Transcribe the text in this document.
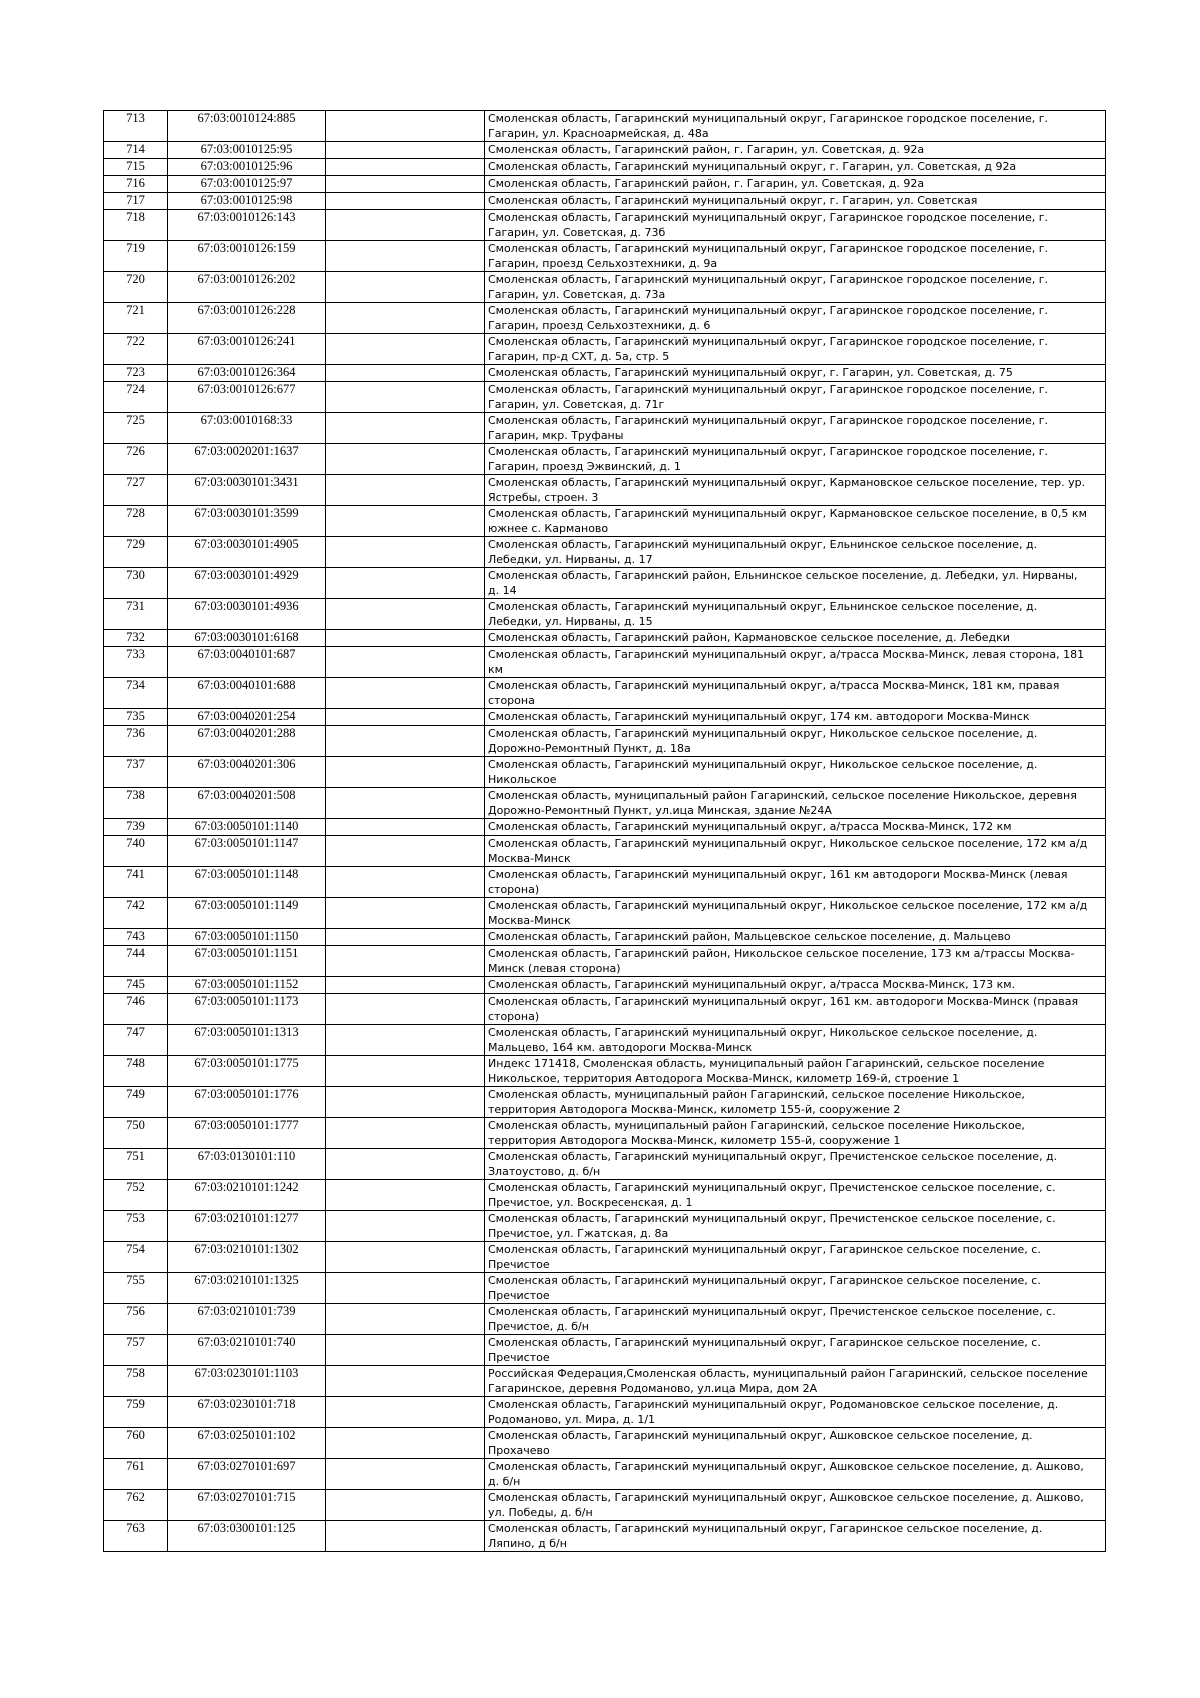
713	67:03:0010124:885		Смоленская область, Гагаринский муниципальный округ, Гагаринское городское поселение, г.
Гагарин, ул. Красноармейская, д. 48а
714	67:03:0010125:95		Смоленская область, Гагаринский район, г. Гагарин, ул. Советская, д. 92а
715	67:03:0010125:96		Смоленская область, Гагаринский муниципальный округ, г. Гагарин, ул. Советская, д 92а
716	67:03:0010125:97		Смоленская область, Гагаринский район, г. Гагарин, ул. Советская, д. 92а
717	67:03:0010125:98		Смоленская область, Гагаринский муниципальный округ, г. Гагарин, ул. Советская
718	67:03:0010126:143		Смоленская область, Гагаринский муниципальный округ, Гагаринское городское поселение, г.
Гагарин, ул. Советская, д. 73б
719	67:03:0010126:159		Смоленская область, Гагаринский муниципальный округ, Гагаринское городское поселение, г.
Гагарин, проезд Сельхозтехники, д. 9а
720	67:03:0010126:202		Смоленская область, Гагаринский муниципальный округ, Гагаринское городское поселение, г.
Гагарин, ул. Советская, д. 73а
721	67:03:0010126:228		Смоленская область, Гагаринский муниципальный округ, Гагаринское городское поселение, г.
Гагарин, проезд Сельхозтехники, д. 6
722	67:03:0010126:241		Смоленская область, Гагаринский муниципальный округ, Гагаринское городское поселение, г.
Гагарин, пр-д СХТ, д. 5а, стр. 5
723	67:03:0010126:364		Смоленская область, Гагаринский муниципальный округ, г. Гагарин, ул. Советская, д. 75
724	67:03:0010126:677		Смоленская область, Гагаринский муниципальный округ, Гагаринское городское поселение, г.
Гагарин, ул. Советская, д. 71г
725	67:03:0010168:33		Смоленская область, Гагаринский муниципальный округ, Гагаринское городское поселение, г.
Гагарин, мкр. Труфаны
726	67:03:0020201:1637		Смоленская область, Гагаринский муниципальный округ, Гагаринское городское поселение, г.
Гагарин, проезд Эжвинский, д. 1
727	67:03:0030101:3431		Смоленская область, Гагаринский муниципальный округ, Кармановское сельское поселение, тер. ур.
Ястребы, строен. 3
728	67:03:0030101:3599		Смоленская область, Гагаринский муниципальный округ, Кармановское сельское поселение, в 0,5 км
южнее с. Карманово
729	67:03:0030101:4905		Смоленская область, Гагаринский муниципальный округ, Ельнинское сельское поселение, д.
Лебедки, ул. Нирваны, д. 17
730	67:03:0030101:4929		Смоленская область, Гагаринский район, Ельнинское сельское поселение, д. Лебедки, ул. Нирваны,
д. 14
731	67:03:0030101:4936		Смоленская область, Гагаринский муниципальный округ, Ельнинское сельское поселение, д.
Лебедки, ул. Нирваны, д. 15
732	67:03:0030101:6168		Смоленская область, Гагаринский район, Кармановское сельское поселение, д. Лебедки
733	67:03:0040101:687		Смоленская область, Гагаринский муниципальный округ, а/трасса Москва-Минск, левая сторона, 181
км
734	67:03:0040101:688		Смоленская область, Гагаринский муниципальный округ, а/трасса Москва-Минск, 181 км, правая
сторона
735	67:03:0040201:254		Смоленская область, Гагаринский муниципальный округ, 174 км. автодороги Москва-Минск
736	67:03:0040201:288		Смоленская область, Гагаринский муниципальный округ, Никольское сельское поселение, д.
Дорожно-Ремонтный Пункт, д. 18а
737	67:03:0040201:306		Смоленская область, Гагаринский муниципальный округ, Никольское сельское поселение, д.
Никольское
738	67:03:0040201:508		Смоленская область, муниципальный район Гагаринский, сельское поселение Никольское, деревня
Дорожно-Ремонтный Пункт, ул.ица Минская, здание №24А
739	67:03:0050101:1140		Смоленская область, Гагаринский муниципальный округ, а/трасса Москва-Минск, 172 км
740	67:03:0050101:1147		Смоленская область, Гагаринский муниципальный округ, Никольское сельское поселение, 172 км а/д
Москва-Минск
741	67:03:0050101:1148		Смоленская область, Гагаринский муниципальный округ, 161 км автодороги Москва-Минск (левая
сторона)
742	67:03:0050101:1149		Смоленская область, Гагаринский муниципальный округ, Никольское сельское поселение, 172 км а/д
Москва-Минск
743	67:03:0050101:1150		Смоленская область, Гагаринский район, Мальцевское сельское поселение, д. Мальцево
744	67:03:0050101:1151		Смоленская область, Гагаринский район, Никольское сельское поселение, 173 км а/трассы Москва-
Минск (левая сторона)
745	67:03:0050101:1152		Смоленская область, Гагаринский муниципальный округ, а/трасса Москва-Минск, 173 км.
746	67:03:0050101:1173		Смоленская область, Гагаринский муниципальный округ, 161 км. автодороги Москва-Минск (правая
сторона)
747	67:03:0050101:1313		Смоленская область, Гагаринский муниципальный округ, Никольское сельское поселение, д.
Мальцево, 164 км. автодороги Москва-Минск
748	67:03:0050101:1775		Индекс 171418, Смоленская область, муниципальный район Гагаринский, сельское поселение
Никольское, территория Автодорога Москва-Минск, километр 169-й, строение 1
749	67:03:0050101:1776		Смоленская область, муниципальный район Гагаринский, сельское поселение Никольское,
территория Автодорога Москва-Минск, километр 155-й, сооружение 2
750	67:03:0050101:1777		Смоленская область, муниципальный район Гагаринский, сельское поселение Никольское,
территория Автодорога Москва-Минск, километр 155-й, сооружение 1
751	67:03:0130101:110		Смоленская область, Гагаринский муниципальный округ, Пречистенское сельское поселение, д.
Златоустово, д. б/н
752	67:03:0210101:1242		Смоленская область, Гагаринский муниципальный округ, Пречистенское сельское поселение, с.
Пречистое, ул. Воскресенская, д. 1
753	67:03:0210101:1277		Смоленская область, Гагаринский муниципальный округ, Пречистенское сельское поселение, с.
Пречистое, ул. Гжатская, д. 8а
754	67:03:0210101:1302		Смоленская область, Гагаринский муниципальный округ, Гагаринское сельское поселение, с.
Пречистое
755	67:03:0210101:1325		Смоленская область, Гагаринский муниципальный округ, Гагаринское сельское поселение, с.
Пречистое
756	67:03:0210101:739		Смоленская область, Гагаринский муниципальный округ, Пречистенское сельское поселение, с.
Пречистое, д. б/н
757	67:03:0210101:740		Смоленская область, Гагаринский муниципальный округ, Гагаринское сельское поселение, с.
Пречистое
758	67:03:0230101:1103		Российская Федерация,Смоленская область, муниципальный район Гагаринский, сельское поселение
Гагаринское, деревня Родоманово, ул.ица Мира, дом 2А
759	67:03:0230101:718		Смоленская область, Гагаринский муниципальный округ, Родомановское сельское поселение, д.
Родоманово, ул. Мира, д. 1/1
760	67:03:0250101:102		Смоленская область, Гагаринский муниципальный округ, Ашковское сельское поселение, д.
Прохачево
761	67:03:0270101:697		Смоленская область, Гагаринский муниципальный округ, Ашковское сельское поселение, д. Ашково,
д. б/н
762	67:03:0270101:715		Смоленская область, Гагаринский муниципальный округ, Ашковское сельское поселение, д. Ашково,
ул. Победы, д. б/н
763	67:03:0300101:125		Смоленская область, Гагаринский муниципальный округ, Гагаринское сельское поселение, д.
Ляпино, д б/н
